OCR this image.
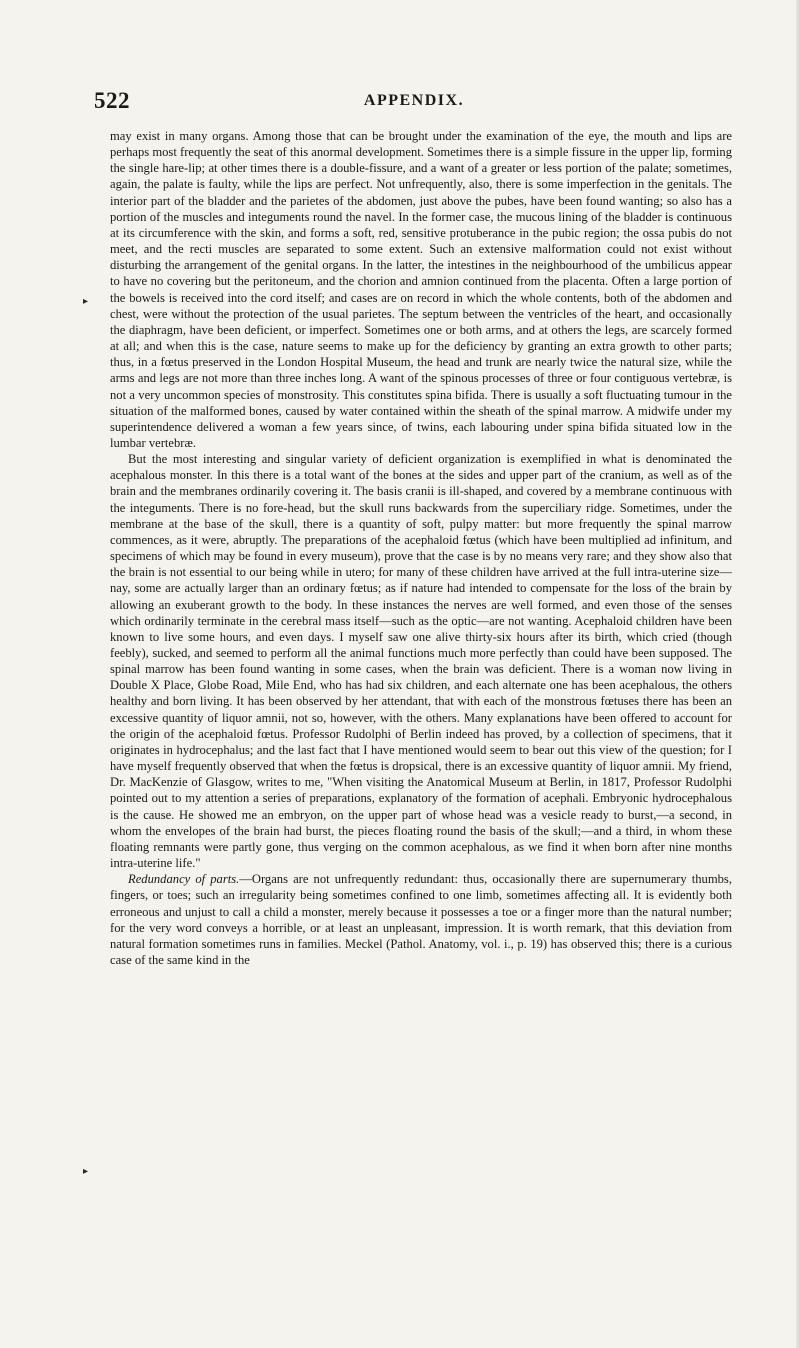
522	APPENDIX.
▸
▸

may exist in many organs. Among those that can be brought under the examination of the eye, the mouth and lips are perhaps most frequently the seat of this anormal development. Sometimes there is a simple fissure in the upper lip, forming the single hare-lip; at other times there is a double-fissure, and a want of a greater or less portion of the palate; sometimes, again, the palate is faulty, while the lips are perfect. Not unfrequently, also, there is some imperfection in the genitals. The interior part of the bladder and the parietes of the abdomen, just above the pubes, have been found wanting; so also has a portion of the muscles and integuments round the navel. In the former case, the mucous lining of the bladder is continuous at its circumference with the skin, and forms a soft, red, sensitive protuberance in the pubic region; the ossa pubis do not meet, and the recti muscles are separated to some extent. Such an extensive malformation could not exist without disturbing the arrangement of the genital organs. In the latter, the intestines in the neighbourhood of the umbilicus appear to have no covering but the peritoneum, and the chorion and amnion continued from the placenta. Often a large portion of the bowels is received into the cord itself; and cases are on record in which the whole contents, both of the abdomen and chest, were without the protection of the usual parietes. The septum between the ventricles of the heart, and occasionally the diaphragm, have been deficient, or imperfect. Sometimes one or both arms, and at others the legs, are scarcely formed at all; and when this is the case, nature seems to make up for the deficiency by granting an extra growth to other parts; thus, in a fœtus preserved in the London Hospital Museum, the head and trunk are nearly twice the natural size, while the arms and legs are not more than three inches long. A want of the spinous processes of three or four contiguous vertebræ, is not a very uncommon species of monstrosity. This constitutes spina bifida. There is usually a soft fluctuating tumour in the situation of the malformed bones, caused by water contained within the sheath of the spinal marrow. A midwife under my superintendence delivered a woman a few years since, of twins, each labouring under spina bifida situated low in the lumbar vertebræ.

But the most interesting and singular variety of deficient organization is exemplified in what is denominated the acephalous monster. In this there is a total want of the bones at the sides and upper part of the cranium, as well as of the brain and the membranes ordinarily covering it. The basis cranii is ill-shaped, and covered by a membrane continuous with the integuments. There is no fore-head, but the skull runs backwards from the superciliary ridge. Sometimes, under the membrane at the base of the skull, there is a quantity of soft, pulpy matter: but more frequently the spinal marrow commences, as it were, abruptly. The preparations of the acephaloid fœtus (which have been multiplied ad infinitum, and specimens of which may be found in every museum), prove that the case is by no means very rare; and they show also that the brain is not essential to our being while in utero; for many of these children have arrived at the full intra-uterine size—nay, some are actually larger than an ordinary fœtus; as if nature had intended to compensate for the loss of the brain by allowing an exuberant growth to the body. In these instances the nerves are well formed, and even those of the senses which ordinarily terminate in the cerebral mass itself—such as the optic—are not wanting. Acephaloid children have been known to live some hours, and even days. I myself saw one alive thirty-six hours after its birth, which cried (though feebly), sucked, and seemed to perform all the animal functions much more perfectly than could have been supposed. The spinal marrow has been found wanting in some cases, when the brain was deficient. There is a woman now living in Double X Place, Globe Road, Mile End, who has had six children, and each alternate one has been acephalous, the others healthy and born living. It has been observed by her attendant, that with each of the monstrous fœtuses there has been an excessive quantity of liquor amnii, not so, however, with the others. Many explanations have been offered to account for the origin of the acephaloid fœtus. Professor Rudolphi of Berlin indeed has proved, by a collection of specimens, that it originates in hydrocephalus; and the last fact that I have mentioned would seem to bear out this view of the question; for I have myself frequently observed that when the fœtus is dropsical, there is an excessive quantity of liquor amnii. My friend, Dr. MacKenzie of Glasgow, writes to me, "When visiting the Anatomical Museum at Berlin, in 1817, Professor Rudolphi pointed out to my attention a series of preparations, explanatory of the formation of acephali. Embryonic hydrocephalous is the cause. He showed me an embryon, on the upper part of whose head was a vesicle ready to burst,—a second, in whom the envelopes of the brain had burst, the pieces floating round the basis of the skull;—and a third, in whom these floating remnants were partly gone, thus verging on the common acephalous, as we find it when born after nine months intra-uterine life."

Redundancy of parts.—Organs are not unfrequently redundant: thus, occasionally there are supernumerary thumbs, fingers, or toes; such an irregularity being sometimes confined to one limb, sometimes affecting all. It is evidently both erroneous and unjust to call a child a monster, merely because it possesses a toe or a finger more than the natural number; for the very word conveys a horrible, or at least an unpleasant, impression. It is worth remark, that this deviation from natural formation sometimes runs in families. Meckel (Pathol. Anatomy, vol. i., p. 19) has observed this; there is a curious case of the same kind in the
